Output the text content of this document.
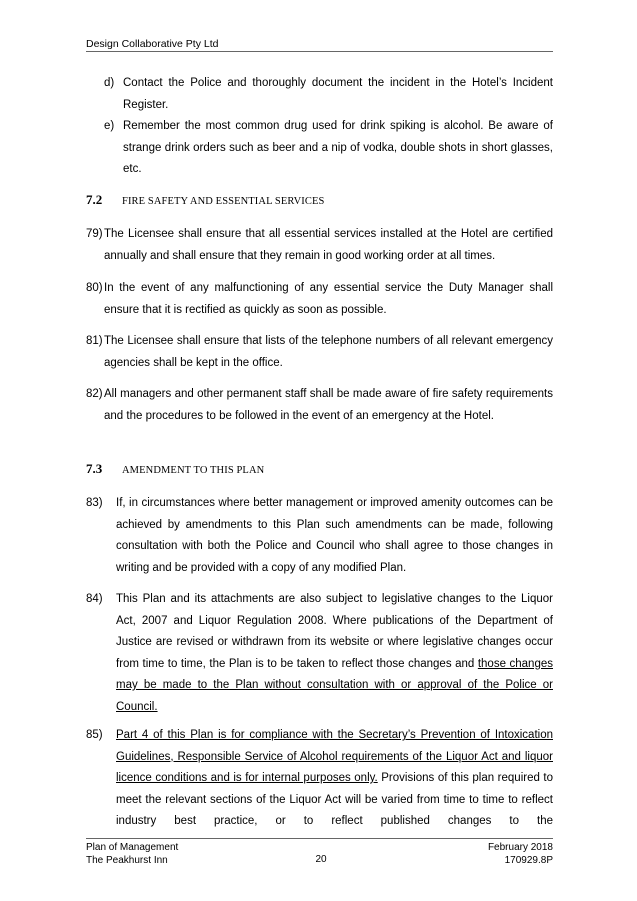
Design Collaborative Pty Ltd
d) Contact the Police and thoroughly document the incident in the Hotel’s Incident Register.
e) Remember the most common drug used for drink spiking is alcohol. Be aware of strange drink orders such as beer and a nip of vodka, double shots in short glasses, etc.
7.2	FIRE SAFETY AND ESSENTIAL SERVICES
79) The Licensee shall ensure that all essential services installed at the Hotel are certified annually and shall ensure that they remain in good working order at all times.
80) In the event of any malfunctioning of any essential service the Duty Manager shall ensure that it is rectified as quickly as soon as possible.
81) The Licensee shall ensure that lists of the telephone numbers of all relevant emergency agencies shall be kept in the office.
82) All managers and other permanent staff shall be made aware of fire safety requirements and the procedures to be followed in the event of an emergency at the Hotel.
7.3	AMENDMENT TO THIS PLAN
83)	If, in circumstances where better management or improved amenity outcomes can be achieved by amendments to this Plan such amendments can be made, following consultation with both the Police and Council who shall agree to those changes in writing and be provided with a copy of any modified Plan.
84)	This Plan and its attachments are also subject to legislative changes to the Liquor Act, 2007 and Liquor Regulation 2008. Where publications of the Department of Justice are revised or withdrawn from its website or where legislative changes occur from time to time, the Plan is to be taken to reflect those changes and those changes may be made to the Plan without consultation with or approval of the Police or Council.
85)	Part 4 of this Plan is for compliance with the Secretary’s Prevention of Intoxication Guidelines, Responsible Service of Alcohol requirements of the Liquor Act and liquor licence conditions and is for internal purposes only. Provisions of this plan required to meet the relevant sections of the Liquor Act will be varied from time to time to reflect industry best practice, or to reflect published changes to the
Plan of Management
The Peakhurst Inn	20
February 2018
170929.8P
